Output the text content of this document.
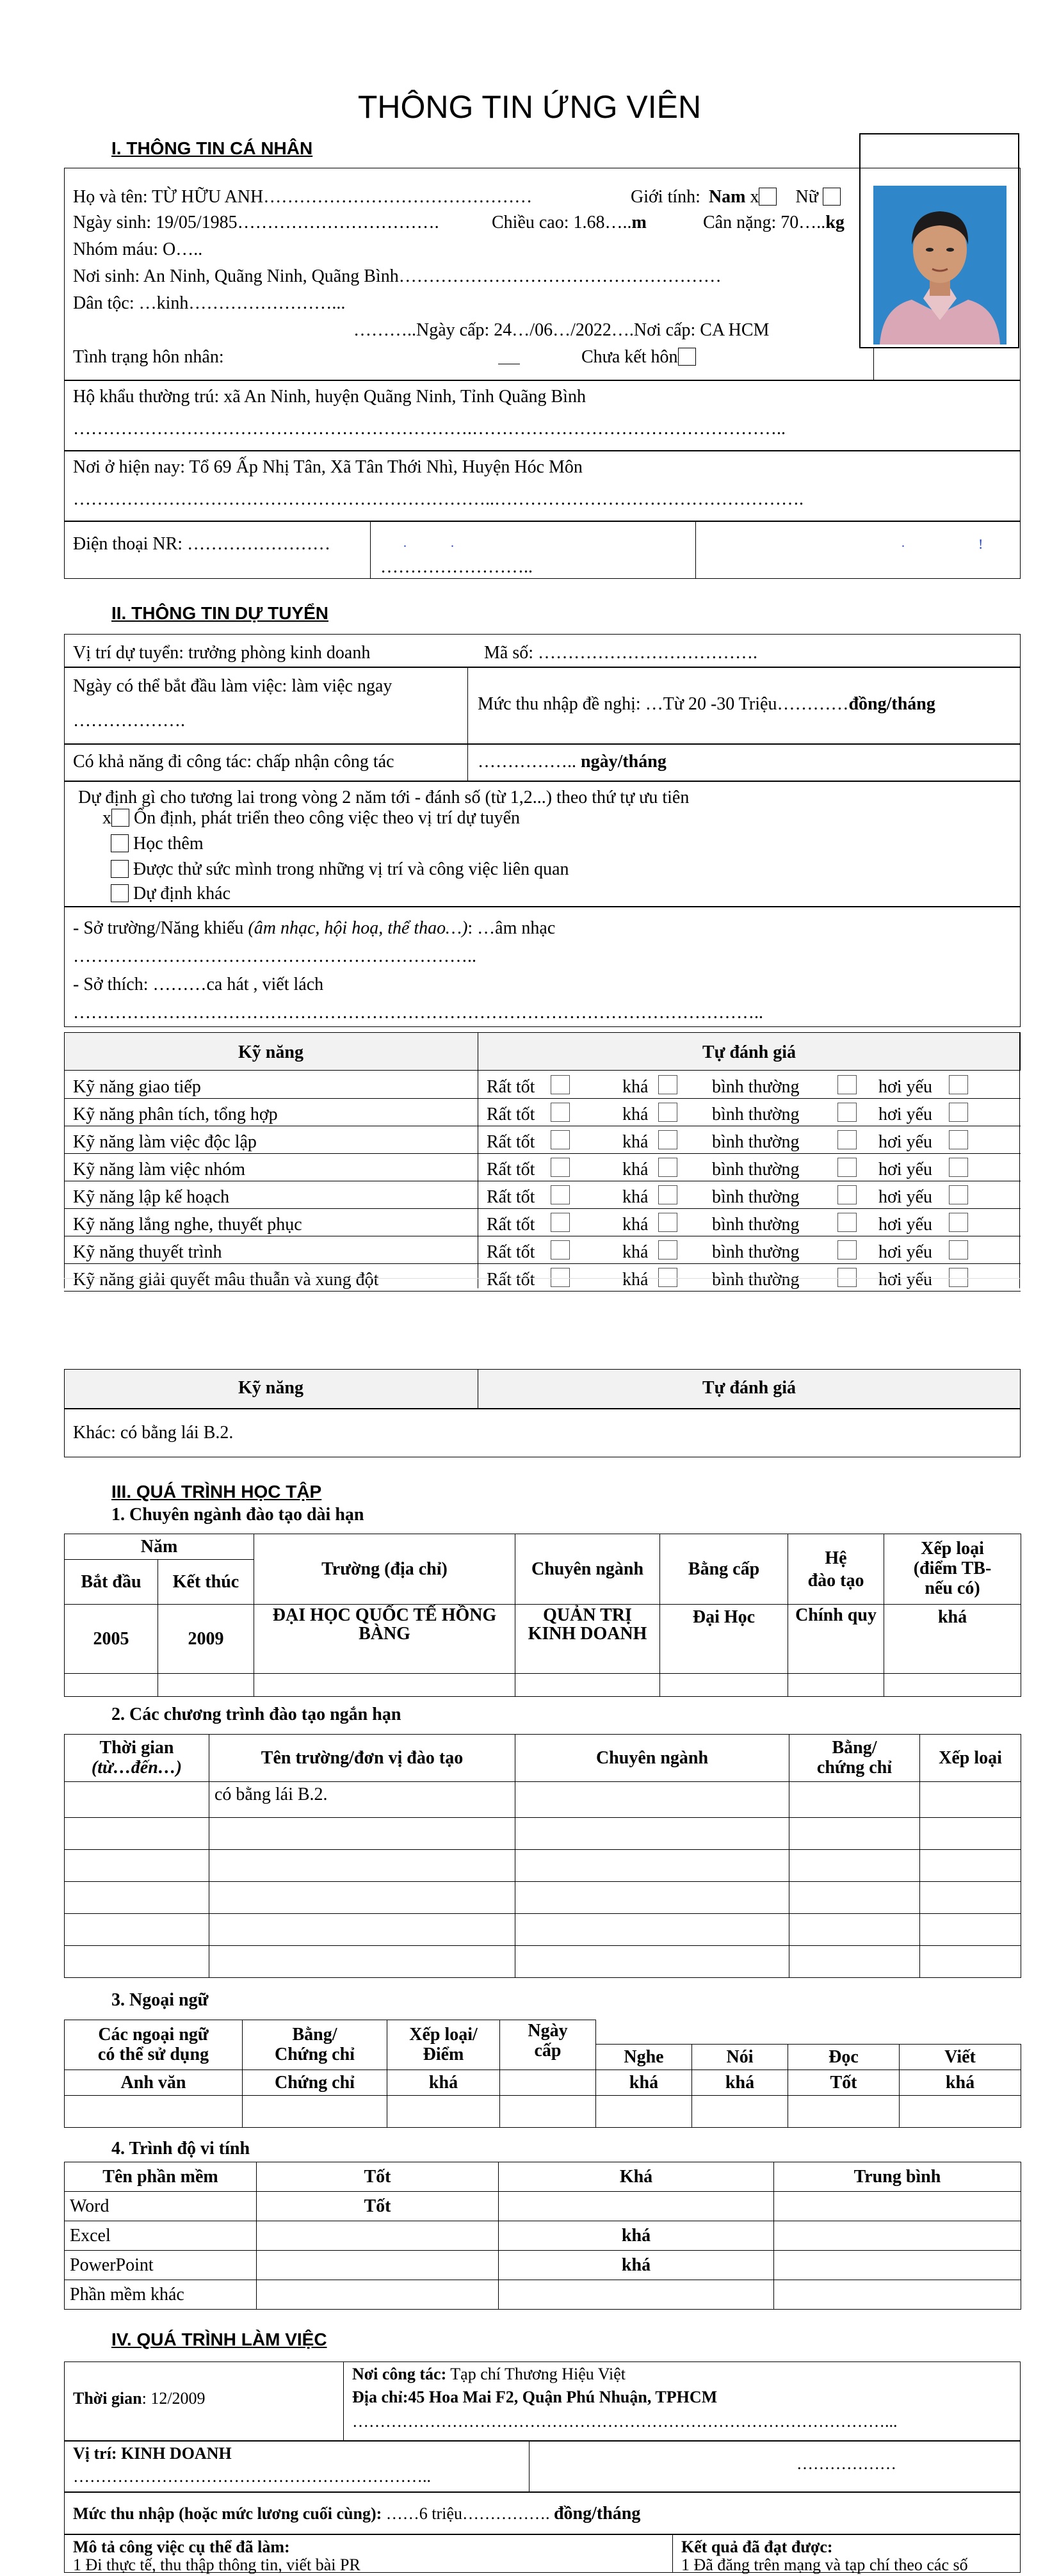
THÔNG TIN ỨNG VIÊN
I. THÔNG TIN CÁ NHÂN
Họ và tên: TỪ HỮU ANH………………………………………	Giới tính: Nam x Nữ
Ngày sinh: 19/05/1985…………………………….	Chiều cao: 1.68…..m	Cân nặng: 70…..kg
Nhóm máu: O…..
Nơi sinh: An Ninh, Quãng Ninh, Quãng Bình………………………………………………
Dân tộc: …kinh……………………...
………..Ngày cấp: 24…/06…/2022….Nơi cấp: CA HCM
Tình trạng hôn nhân:	Chưa kết hôn
Hộ khẩu thường trú: xã An Ninh, huyện Quãng Ninh, Tỉnh Quãng Bình
………………………………………………………….……………………………………………..
Nơi ở hiện nay: Tổ 69 Ấp Nhị Tân, Xã Tân Thới Nhì, Huyện Hóc Môn
……………………………………………………………..…………………………………………….
Điện thoại NR: ……………………
……………………..
.	.	.	!
II. THÔNG TIN DỰ TUYỂN
Vị trí dự tuyển: trưởng phòng kinh doanh	Mã số: ……………………………….
Ngày có thể bắt đầu làm việc: làm việc ngay
……………….
Mức thu nhập đề nghị: …Từ 20 -30 Triệu…………đồng/tháng
Có khả năng đi công tác: chấp nhận công tác	…………….. ngày/tháng
Dự định gì cho tương lai trong vòng 2 năm tới - đánh số (từ 1,2...) theo thứ tự ưu tiên
x Ổn định, phát triển theo công việc theo vị trí dự tuyển
Học thêm
Được thử sức mình trong những vị trí và công việc liên quan
Dự định khác
- Sở trường/Năng khiếu (âm nhạc, hội hoạ, thể thao…): …âm nhạc
…………………………………………………………..
- Sở thích: ………ca hát , viết lách
……………………………………………………………………………………………………..
Kỹ năng	Tự đánh giá
Kỹ năng giao tiếp	Rất tốt	khá	bình thường	hơi yếu
Kỹ năng phân tích, tổng hợp	Rất tốt	khá	bình thường	hơi yếu
Kỹ năng làm việc độc lập	Rất tốt	khá	bình thường	hơi yếu
Kỹ năng làm việc nhóm	Rất tốt	khá	bình thường	hơi yếu
Kỹ năng lập kế hoạch	Rất tốt	khá	bình thường	hơi yếu
Kỹ năng lắng nghe, thuyết phục	Rất tốt	khá	bình thường	hơi yếu
Kỹ năng thuyết trình	Rất tốt	khá	bình thường	hơi yếu
Kỹ năng giải quyết mâu thuẫn và xung đột	Rất tốt	khá	bình thường	hơi yếu
Kỹ năng	Tự đánh giá
Khác: có bằng lái B.2.
III. QUÁ TRÌNH HỌC TẬP
1. Chuyên ngành đào tạo dài hạn
Năm		Trường (địa chỉ)	Chuyên ngành	Bằng cấp	Hệ
đào tạo	Xếp loại
(điểm TB-
nếu có)
Bắt đầu	Kết thúc					
2005	2009	ĐẠI HỌC QUỐC TẾ HỒNG BÀNG	QUẢN TRỊ KINH DOANH	Đại Học	Chính quy	khá

2. Các chương trình đào tạo ngắn hạn
Thời gian
(từ…đến…)	Tên trường/đơn vị đào tạo	Chuyên ngành	Bằng/
chứng chỉ	Xếp loại
	có bằng lái B.2.			

3. Ngoại ngữ
Các ngoại ngữ
có thể sử dụng	Bằng/
Chứng chỉ	Xếp loại/
Điểm	Ngày
cấp				
				Nghe	Nói	Đọc	Viết
Anh văn	Chứng chỉ	khá		khá	khá	Tốt	khá

4. Trình độ vi tính
Tên phần mềm	Tốt	Khá	Trung bình
Word	Tốt		
Excel		khá	
PowerPoint		khá	
Phần mềm khác			
IV. QUÁ TRÌNH LÀM VIỆC
Thời gian: 12/2009
Nơi công tác: Tạp chí Thương Hiệu Việt
Địa chỉ:45 Hoa Mai F2, Quận Phú Nhuận, TPHCM
……………………………………………………………………………………...
Vị trí: KINH DOANH
………………………………………………………..
………………
Mức thu nhập (hoặc mức lương cuối cùng): ……6 triệu……………. đồng/tháng
Mô tả công việc cụ thể đã làm:
1 Đi thực tế, thu thập thông tin, viết bài PR
Kết quả đã đạt được:
1 Đã đăng trên mạng và tạp chí theo các số
